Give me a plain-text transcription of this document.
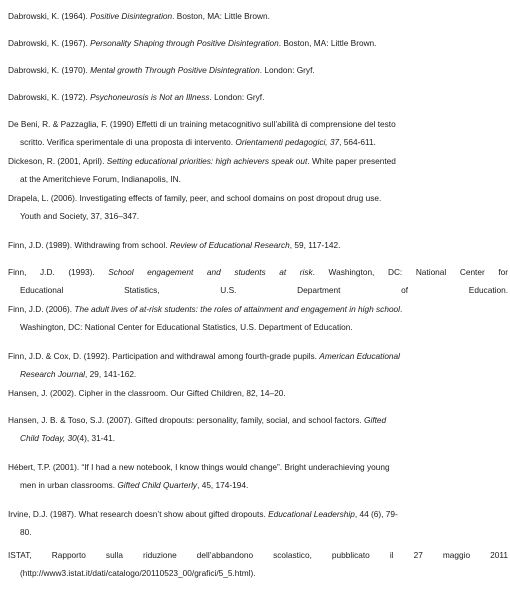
Dabrowski, K. (1964). Positive Disintegration. Boston, MA: Little Brown.
Dabrowski, K. (1967). Personality Shaping through Positive Disintegration. Boston, MA: Little Brown.
Dabrowski, K. (1970). Mental growth Through Positive Disintegration. London: Gryf.
Dabrowski, K. (1972). Psychoneurosis is Not an Illness. London: Gryf.
De Beni, R. & Pazzaglia, F. (1990) Effetti di un training metacognitivo sull’abilità di comprensione del testo
scritto. Verifica sperimentale di una proposta di intervento. Orientamenti pedagogici, 37, 564-611.
Dickeson, R. (2001, April). Setting educational priorities: high achievers speak out. White paper presented
at the Ameritchieve Forum, Indianapolis, IN.
Drapela, L. (2006). Investigating effects of family, peer, and school domains on post dropout drug use.
Youth and Society, 37, 316–347.
Finn, J.D. (1989). Withdrawing from school. Review of Educational Research, 59, 117-142.
Finn, J.D. (1993). School engagement and students at risk. Washington, DC: National Center for
Educational Statistics, U.S. Department of Education.
Finn, J.D. (2006). The adult lives of at-risk students: the roles of attainment and engagement in high school.
Washington, DC: National Center for Educational Statistics, U.S. Department of Education.
Finn, J.D. & Cox, D. (1992). Participation and withdrawal among fourth-grade pupils. American Educational
Research Journal, 29, 141-162.
Hansen, J. (2002). Cipher in the classroom. Our Gifted Children, 82, 14–20.
Hansen, J. B. & Toso, S.J. (2007). Gifted dropouts: personality, family, social, and school factors. Gifted
Child Today, 30(4), 31-41.
Hébert, T.P. (2001). “If I had a new notebook, I know things would change”. Bright underachieving young
men in urban classrooms. Gifted Child Quarterly, 45, 174-194.
Irvine, D.J. (1987). What research doesn’t show about gifted dropouts. Educational Leadership, 44 (6), 79-
80.
ISTAT, Rapporto sulla riduzione dell’abbandono scolastico, pubblicato il 27 maggio 2011
(http://www3.istat.it/dati/catalogo/20110523_00/grafici/5_5.html).
